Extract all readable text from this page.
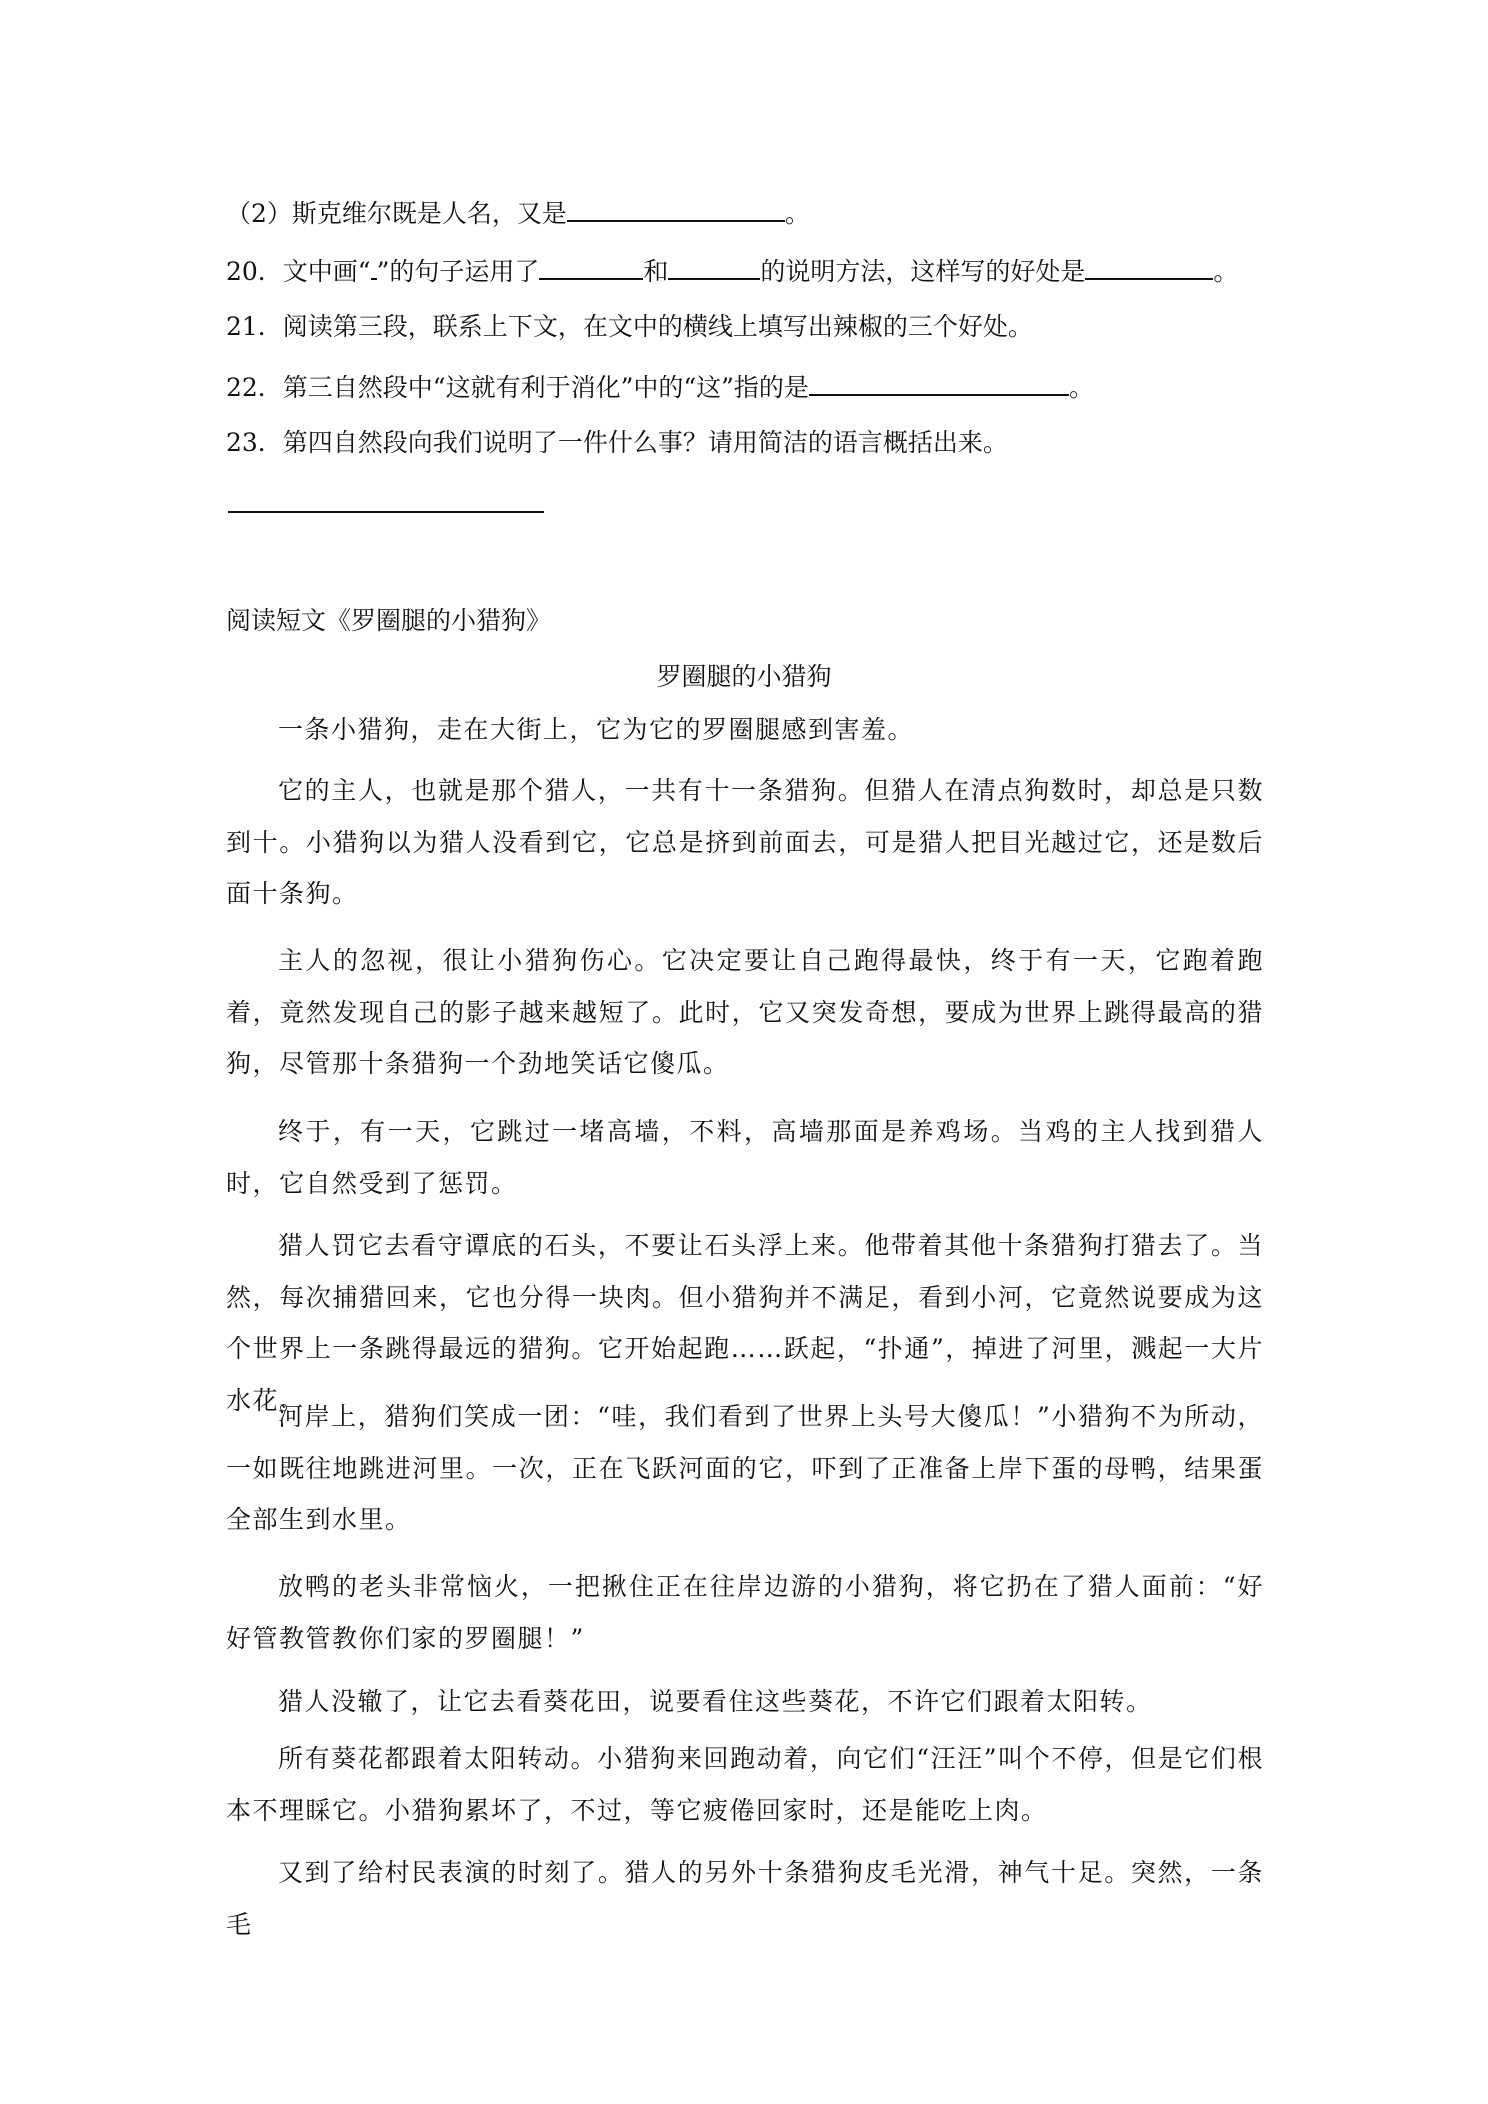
（2）斯克维尔既是人名，又是	。
20．文中画“ ”的句子运用了	和	的说明方法，这样写的好处是	。
21．阅读第三段，联系上下文，在文中的横线上填写出辣椒的三个好处。
22．第三自然段中“这就有利于消化”中的“这”指的是	。
23．第四自然段向我们说明了一件什么事？请用简洁的语言概括出来。
阅读短文《罗圈腿的小猎狗》
罗圈腿的小猎狗

一条小猎狗，走在大街上，它为它的罗圈腿感到害羞。

它的主人，也就是那个猎人，一共有十一条猎狗。但猎人在清点狗数时，却总是只数到十。小猎狗以为猎人没看到它，它总是挤到前面去，可是猎人把目光越过它，还是数后面十条狗。

主人的忽视，很让小猎狗伤心。它决定要让自己跑得最快，终于有一天，它跑着跑着，竟然发现自己的影子越来越短了。此时，它又突发奇想，要成为世界上跳得最高的猎狗，尽管那十条猎狗一个劲地笑话它傻瓜。

终于，有一天，它跳过一堵高墙，不料，高墙那面是养鸡场。当鸡的主人找到猎人时，它自然受到了惩罚。

猎人罚它去看守谭底的石头，不要让石头浮上来。他带着其他十条猎狗打猎去了。当然，每次捕猎回来，它也分得一块肉。但小猎狗并不满足，看到小河，它竟然说要成为这个世界上一条跳得最远的猎狗。它开始起跑……跃起，“扑通”，掉进了河里，溅起一大片水花。

河岸上，猎狗们笑成一团：“哇，我们看到了世界上头号大傻瓜！”小猎狗不为所动，一如既往地跳进河里。一次，正在飞跃河面的它，吓到了正准备上岸下蛋的母鸭，结果蛋全部生到水里。

放鸭的老头非常恼火，一把揪住正在往岸边游的小猎狗，将它扔在了猎人面前：“好好管教管教你们家的罗圈腿！”

猎人没辙了，让它去看葵花田，说要看住这些葵花，不许它们跟着太阳转。

所有葵花都跟着太阳转动。小猎狗来回跑动着，向它们“汪汪”叫个不停，但是它们根本不理睬它。小猎狗累坏了，不过，等它疲倦回家时，还是能吃上肉。

又到了给村民表演的时刻了。猎人的另外十条猎狗皮毛光滑，神气十足。突然，一条毛
